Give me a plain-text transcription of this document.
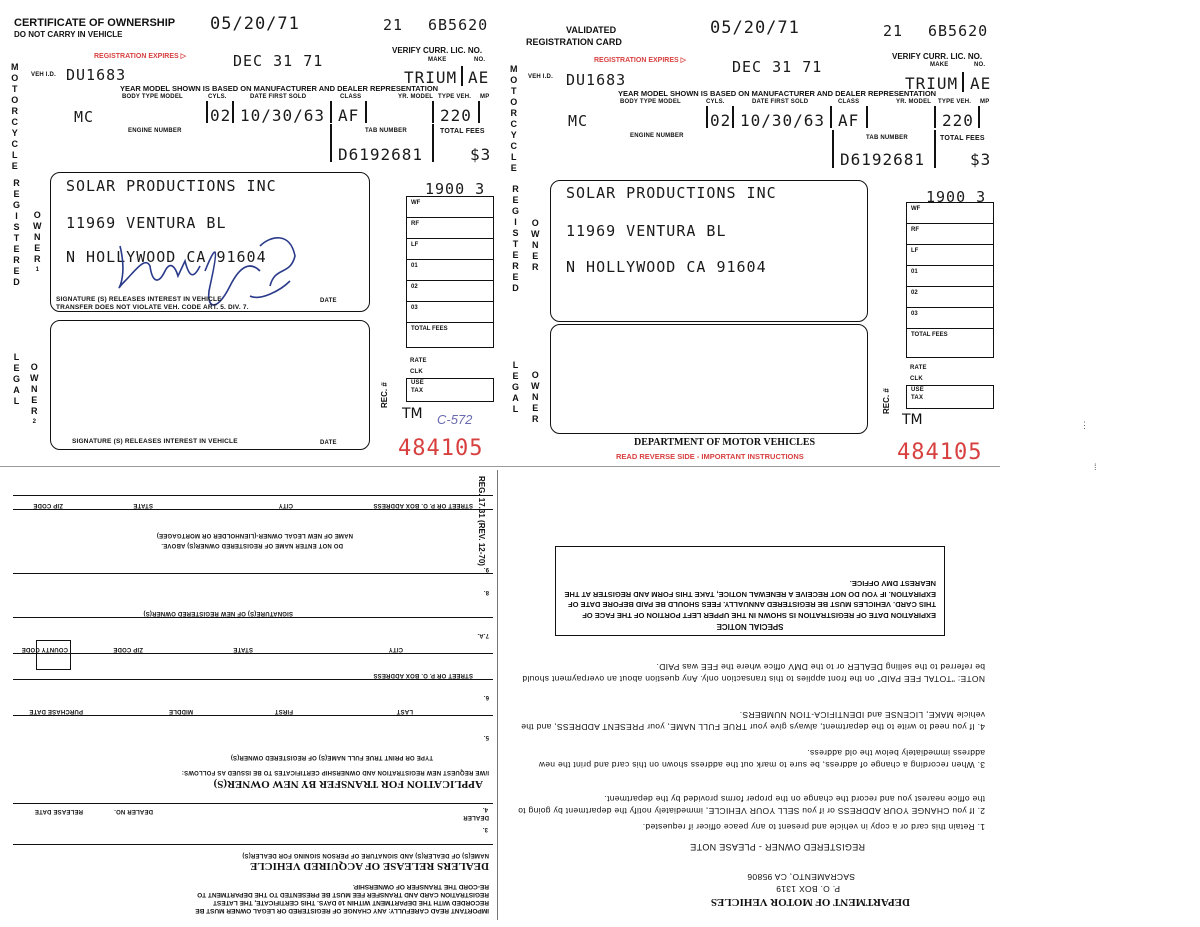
CERTIFICATE OF OWNERSHIP
DO NOT CARRY IN VEHICLE
05/20/71	21 6B5620
REGISTRATION EXPIRES ▷	DEC 31 71
VERIFY CURR. LIC. NO.
MAKE	NO.
M
O
T
O
R
C
Y
C
L
E
VEH I.D. DU1683	TRIUM AE
YEAR MODEL SHOWN IS BASED ON MANUFACTURER AND DEALER REPRESENTATION
BODY TYPE MODEL	CYLS.	DATE FIRST SOLD	CLASS	YR. MODEL TYPE VEH. MP
MC	02 10/30/63 AF	220
ENGINE NUMBER	TAB NUMBER	TOTAL FEES
D6192681	$3
R
E
G
I
S
T
E
R
E
D
O
W
N
E
R
1
SOLAR PRODUCTIONS INC
11969 VENTURA BL
N HOLLYWOOD CA 91604
SIGNATURE (S) RELEASES INTEREST IN VEHICLE
TRANSFER DOES NOT VIOLATE VEH. CODE ART. 5. DIV. 7.
DATE
L
E
G
A
L
O
W
N
E
R
2
SIGNATURE (S) RELEASES INTEREST IN VEHICLE	DATE
1900 3
WF
RF
LF
01
02
03
TOTAL FEES
RATE
CLK
USE
TAX
REC. #
TM C-572
484105
VALIDATED
REGISTRATION CARD
05/20/71	21 6B5620
REGISTRATION EXPIRES ▷	DEC 31 71
VERIFY CURR. LIC. NO.
MAKE	NO.
M
O
T
O
R
C
Y
C
L
E
VEH I.D. DU1683	TRIUM AE
YEAR MODEL SHOWN IS BASED ON MANUFACTURER AND DEALER REPRESENTATION
BODY TYPE MODEL	CYLS.	DATE FIRST SOLD	CLASS	YR. MODEL TYPE VEH. MP
MC	02 10/30/63 AF	220
ENGINE NUMBER	TAB NUMBER	TOTAL FEES
D6192681	$3
R
E
G
I
S
T
E
R
E
D
O
W
N
E
R
SOLAR PRODUCTIONS INC
11969 VENTURA BL
N HOLLYWOOD CA 91604
L
E
G
A
L
O
W
N
E
R
1900 3
WF
RF
LF
01
02
03
TOTAL FEES
RATE
CLK
USE
TAX
REC. #
TM
DEPARTMENT OF MOTOR VEHICLES
READ REVERSE SIDE - IMPORTANT INSTRUCTIONS	484105
IMPORTANT READ CAREFULLY: ANY CHANGE OF REGISTERED OR LEGAL OWNER MUST BE RECORDED WITH THE DEPARTMENT WITHIN 10 DAYS. THIS CERTIFICATE, THE LATEST REGISTRATION CARD AND TRANSFER FEE MUST BE PRESENTED TO THE DEPARTMENT TO RE-CORD THE TRANSFER OF OWNERSHIP.
DEALERS RELEASE OF ACQUIRED VEHICLE
NAME(S) OF DEALER(S) AND SIGNATURE OF PERSON SIGNING FOR DEALER(S)
DEALER
3.
4.
DEALER NO.
RELEASE DATE
APPLICATION FOR TRANSFER BY NEW OWNER(S)
I/WE REQUEST NEW REGISTRATION AND OWNERSHIP CERTIFICATES TO BE ISSUED AS FOLLOWS:
TYPE OR PRINT TRUE FULL NAME(S) OF REGISTERED OWNER(S)
5.
LAST
FIRST
MIDDLE
PURCHASE DATE
6.
STREET OR P. O. BOX ADDRESS
CITY
STATE
ZIP CODE
COUNTY CODE
7.A.
SIGNATURE(S) OF NEW REGISTERED OWNER(S)
8.
9.
DO NOT ENTER NAME OF REGISTERED OWNER(S) ABOVE.
NAME OF NEW LEGAL OWNER-(LIENHOLDER OR MORTGAGEE)
STREET OR P. O. BOX ADDRESS
CITY
STATE
ZIP CODE	REG. 17.31 (REV. 12-70)
DEPARTMENT OF MOTOR VEHICLES
P. O. BOX 1319
SACRAMENTO, CA 95806
REGISTERED OWNER - PLEASE NOTE
1. Retain this card or a copy in vehicle and present to any peace officer if requested.
2. If you CHANGE YOUR ADDRESS or if you SELL YOUR VEHICLE, immediately notify the department by going to the office nearest you and record the change on the proper forms provided by the department.
3. When recording a change of address, be sure to mark out the address shown on this card and print the new address immediately below the old address.
4. If you need to write to the department, always give your TRUE FULL NAME, your PRESENT ADDRESS, and the vehicle MAKE, LICENSE and IDENTIFICA-TION NUMBERS.
NOTE: "TOTAL FEE PAID" on the front applies to this transaction only. Any question about an overpayment should be referred to the selling DEALER or to the DMV office where the FEE was PAID.
SPECIAL NOTICE
EXPIRATION DATE OF REGISTRATION IS SHOWN IN THE UPPER LEFT PORTION OF THE FACE OF THIS CARD. VEHICLES MUST BE REGISTERED ANNUALLY. FEES SHOULD BE PAID BEFORE DATE OF EXPIRATION. IF YOU DO NOT RECEIVE A RENEWAL NOTICE, TAKE THIS FORM AND REGISTER AT THE NEAREST DMV OFFICE.
⋮
⁞
